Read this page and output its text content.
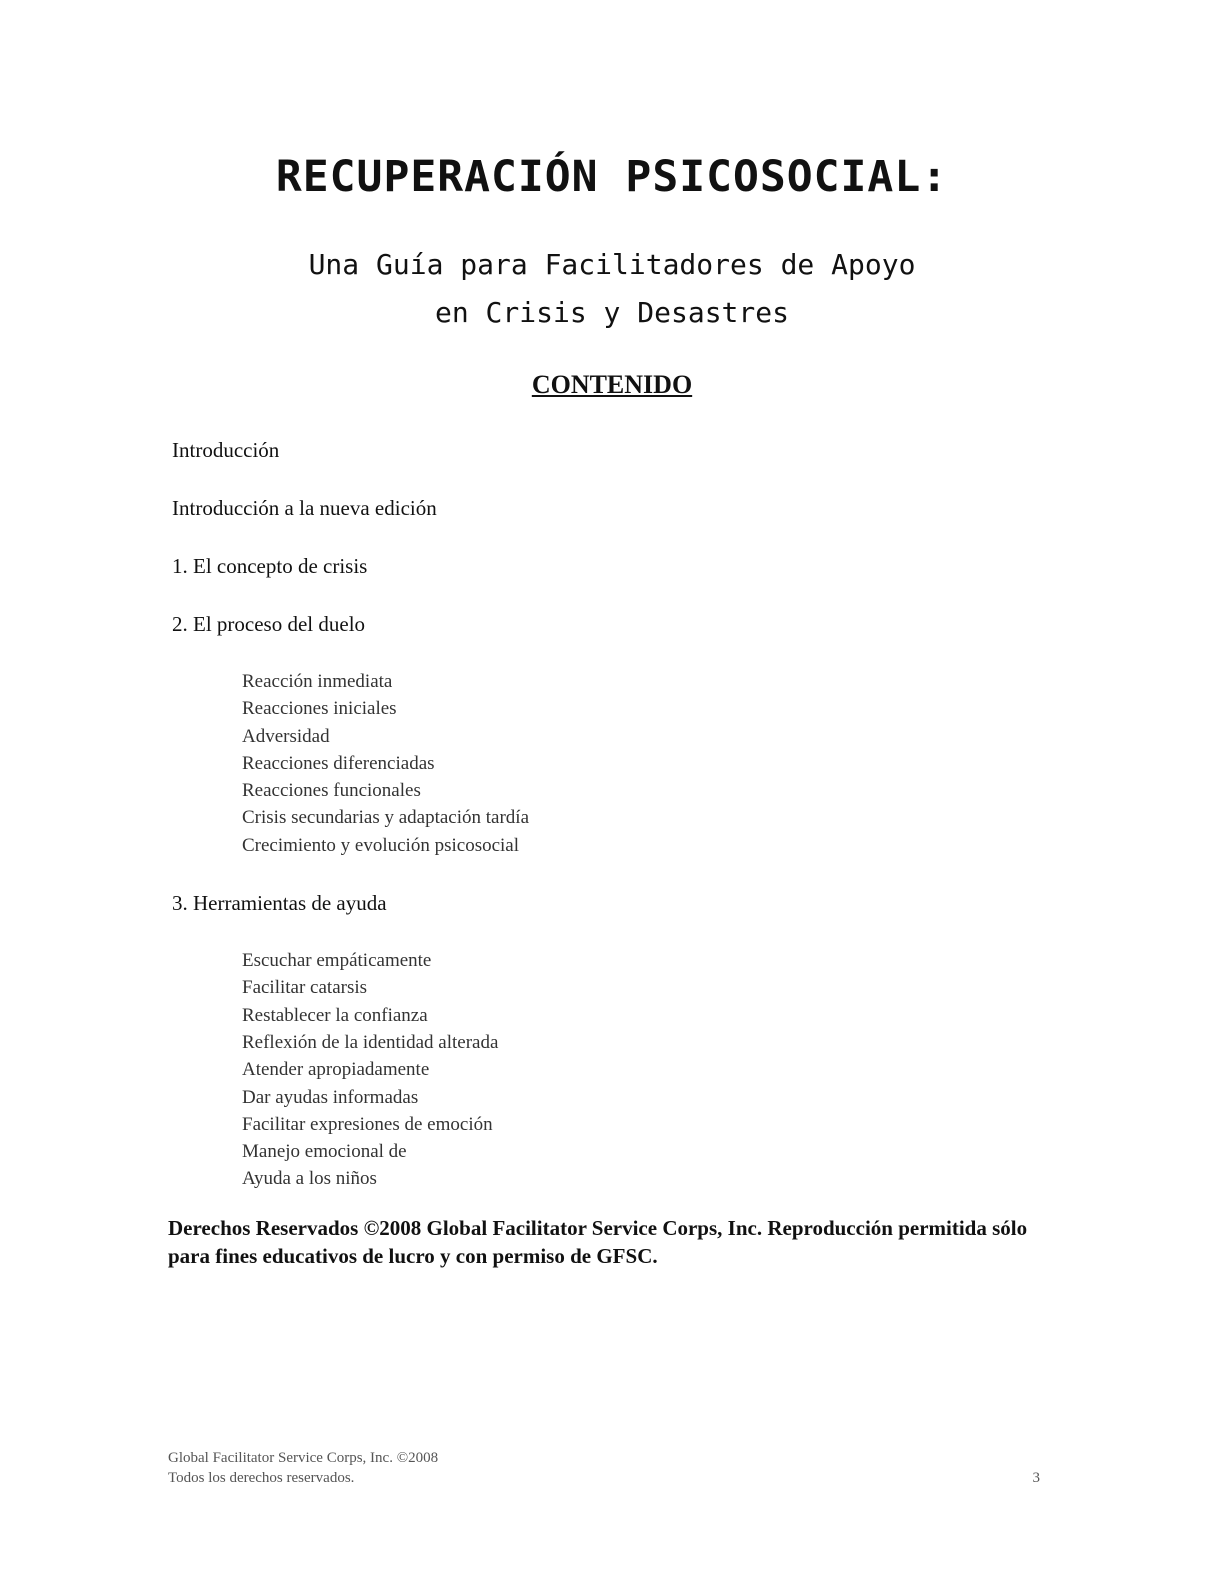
RECUPERACIÓN PSICOSOCIAL:

Una Guía para Facilitadores de Apoyo

en Crisis y Desastres

CONTENIDO

Introducción

Introducción a la nueva edición

1. El concepto de crisis

2. El proceso del duelo

Reacción inmediata
Reacciones iniciales
Adversidad
Reacciones diferenciadas
Reacciones funcionales
Crisis secundarias y adaptación tardía
Crecimiento y evolución psicosocial

3. Herramientas de ayuda

Escuchar empáticamente
Facilitar catarsis
Restablecer la confianza
Reflexión de la identidad alterada
Atender apropiadamente
Dar ayudas informadas
Facilitar expresiones de emoción
Manejo emocional de
Ayuda a los niños

Derechos Reservados ©2008 Global Facilitator Service Corps, Inc. Reproducción permitida sólo para fines educativos de lucro y con permiso de GFSC.

Global Facilitator Service Corps, Inc. ©2008
Todos los derechos reservados.	3
